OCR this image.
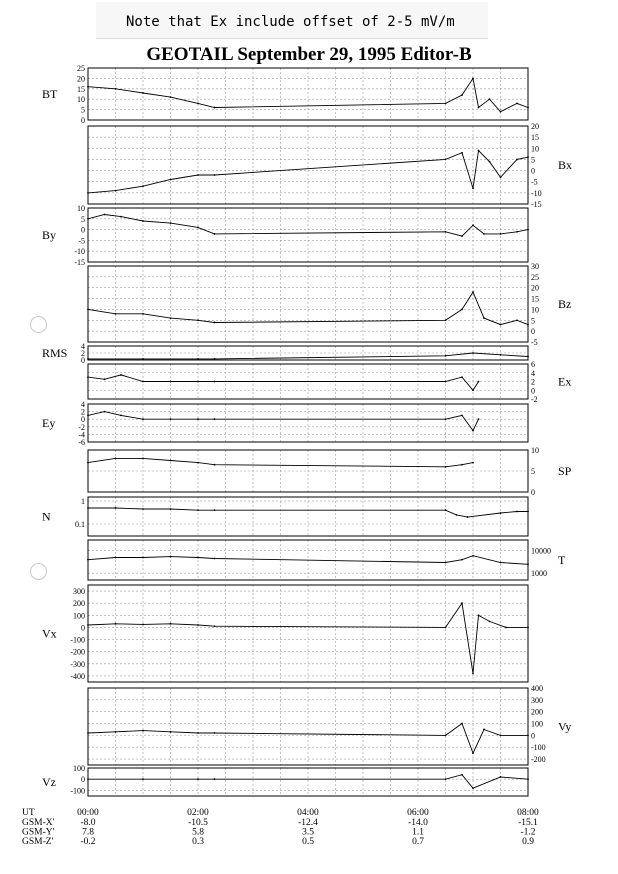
Note that Ex include offset of 2-5 mV/m
GEOTAIL September 29, 1995 Editor-B
0
5
10
15
20
25
BT
-15
-10
-5
0
5
10
15
20
Bx
-15
-10
-5
0
5
10
By
-5
0
5
10
15
20
25
30
Bz
0
2
4
RMS
-2
0
2
4
6
Ex
-6
-4
-2
0
2
4
Ey
0
5
10
SP
0.1
1
N
1000
10000
T
-400
-300
-200
-100
0
100
200
300
Vx
-200
-100
0
100
200
300
400
Vy
-100
0
100
Vz
UT	00:00	02:00	04:00	06:00	08:00
GSM-X'	-8.0	-10.5	-12.4	-14.0	-15.1
GSM-Y'	7.8	5.8	3.5	1.1	-1.2
GSM-Z'	-0.2	0.3	0.5	0.7	0.9
